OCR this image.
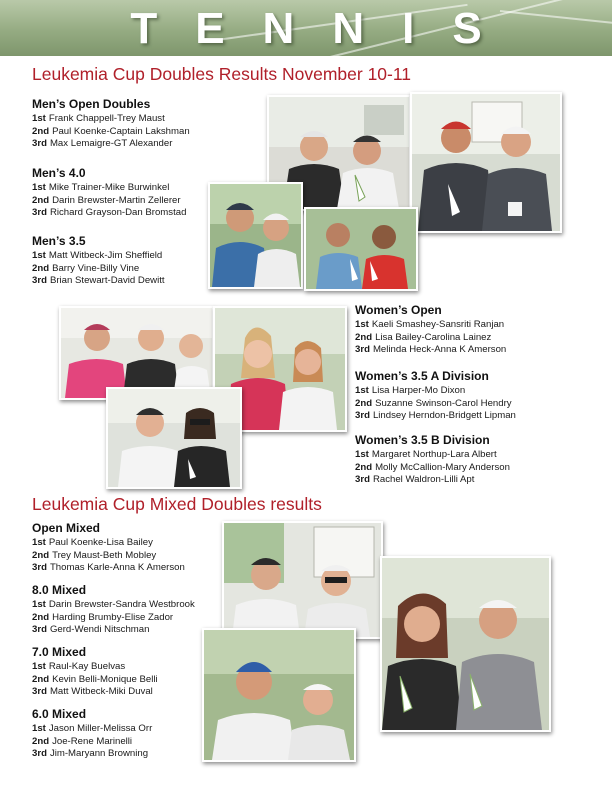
TENNIS
Leukemia Cup Doubles Results November 10-11
Men’s Open Doubles
1st Frank Chappell-Trey Maust
2nd Paul Koenke-Captain Lakshman
3rd Max Lemaigre-GT Alexander
Men’s 4.0
1st Mike Trainer-Mike Burwinkel
2nd Darin Brewster-Martin Zellerer
3rd Richard Grayson-Dan Bromstad
Men’s 3.5
1st Matt Witbeck-Jim Sheffield
2nd Barry Vine-Billy Vine
3rd Brian Stewart-David Dewitt
Women’s Open
1st Kaeli Smashey-Sansriti Ranjan
2nd Lisa Bailey-Carolina Lainez
3rd Melinda Heck-Anna K Amerson
Women’s 3.5 A Division
1st Lisa Harper-Mo Dixon
2nd Suzanne Swinson-Carol Hendry
3rd Lindsey Herndon-Bridgett Lipman
Women’s 3.5 B Division
1st Margaret Northup-Lara Albert
2nd Molly McCallion-Mary Anderson
3rd Rachel Waldron-Lilli Apt
Leukemia Cup Mixed Doubles results
Open Mixed
1st Paul Koenke-Lisa Bailey
2nd Trey Maust-Beth Mobley
3rd Thomas Karle-Anna K Amerson
8.0 Mixed
1st Darin Brewster-Sandra Westbrook
2nd Harding Brumby-Elise Zador
3rd Gerd-Wendi Nitschman
7.0 Mixed
1st Raul-Kay Buelvas
2nd Kevin Belli-Monique Belli
3rd Matt Witbeck-Miki Duval
6.0 Mixed
1st Jason Miller-Melissa Orr
2nd Joe-Rene Marinelli
3rd Jim-Maryann Browning
